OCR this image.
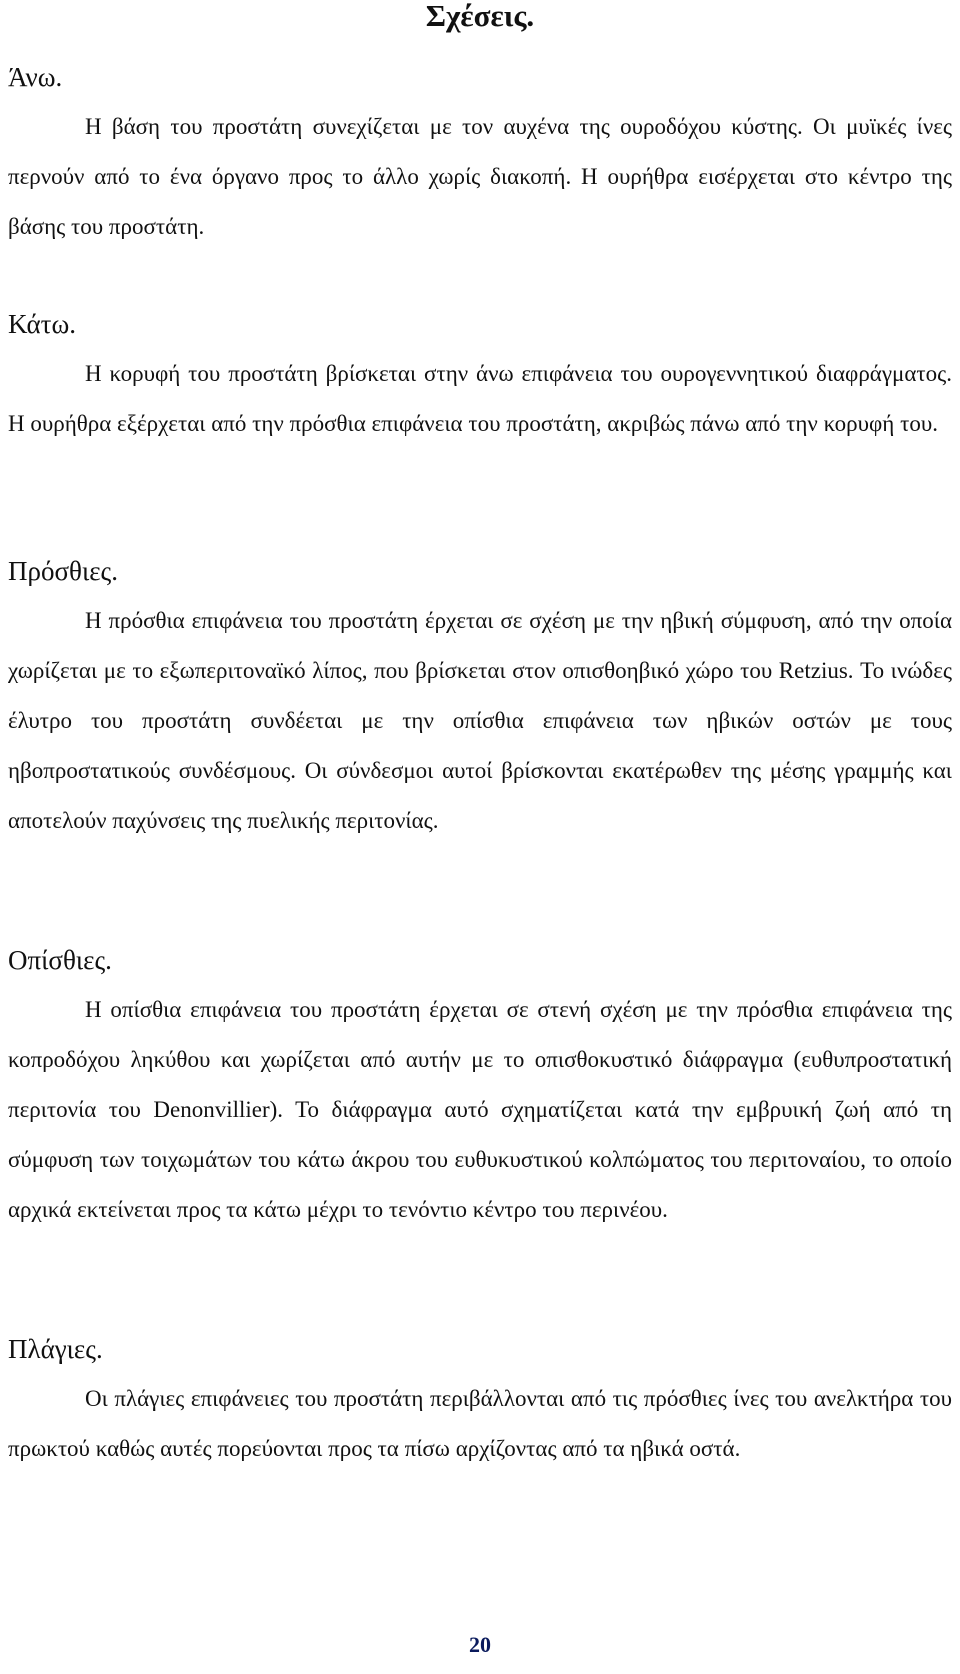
Σχέσεις.
Άνω.

Η βάση του προστάτη συνεχίζεται με τον αυχένα της ουροδόχου κύστης. Οι μυϊκές ίνες περνούν από το ένα όργανο προς το άλλο χωρίς διακοπή. Η ουρήθρα εισέρχεται στο κέντρο της βάσης του προστάτη.

Κάτω.

Η κορυφή του προστάτη βρίσκεται στην άνω επιφάνεια του ουρογεννητικού διαφράγματος. Η ουρήθρα εξέρχεται από την πρόσθια επιφάνεια του προστάτη, ακριβώς πάνω από την κορυφή του.

Πρόσθιες.

Η πρόσθια επιφάνεια του προστάτη έρχεται σε σχέση με την ηβική σύμφυση, από την οποία χωρίζεται με το εξωπεριτοναϊκό λίπος, που βρίσκεται στον οπισθοηβικό χώρο του Retzius. Το ινώδες έλυτρο του προστάτη συνδέεται με την οπίσθια επιφάνεια των ηβικών οστών με τους ηβοπροστατικούς συνδέσμους. Οι σύνδεσμοι αυτοί βρίσκονται εκατέρωθεν της μέσης γραμμής και αποτελούν παχύνσεις της πυελικής περιτονίας.

Οπίσθιες.

Η οπίσθια επιφάνεια του προστάτη έρχεται σε στενή σχέση με την πρόσθια επιφάνεια της κοπροδόχου ληκύθου και χωρίζεται από αυτήν με το οπισθοκυστικό διάφραγμα (ευθυπροστατική περιτονία του Denonvillier). Το διάφραγμα αυτό σχηματίζεται κατά την εμβρυική ζωή από τη σύμφυση των τοιχωμάτων του κάτω άκρου του ευθυκυστικού κολπώματος του περιτοναίου, το οποίο αρχικά εκτείνεται προς τα κάτω μέχρι το τενόντιο κέντρο του περινέου.

Πλάγιες.

Οι πλάγιες επιφάνειες του προστάτη περιβάλλονται από τις πρόσθιες ίνες του ανελκτήρα του πρωκτού καθώς αυτές πορεύονται προς τα πίσω αρχίζοντας από τα ηβικά οστά.

20
